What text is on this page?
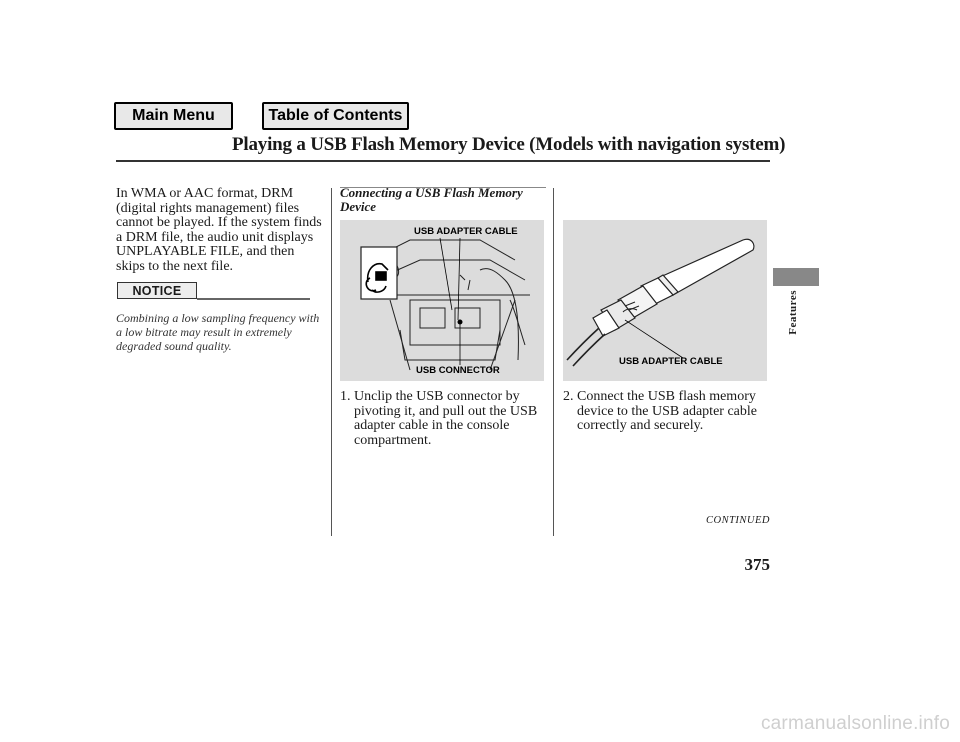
Main Menu	Table of Contents
Playing a USB Flash Memory Device (Models with navigation system)
In WMA or AAC format, DRM (digital rights management) files cannot be played. If the system finds a DRM file, the audio unit displays UNPLAYABLE FILE, and then skips to the next file.
NOTICE
Combining a low sampling frequency with a low bitrate may result in extremely degraded sound quality.
Connecting a USB Flash Memory Device
USB ADAPTER CABLE
USB CONNECTOR
USB ADAPTER CABLE
1. Unclip the USB connector by pivoting it, and pull out the USB adapter cable in the console compartment.
2. Connect the USB flash memory device to the USB adapter cable correctly and securely.
CONTINUED
375
Features
carmanualsonline.info
